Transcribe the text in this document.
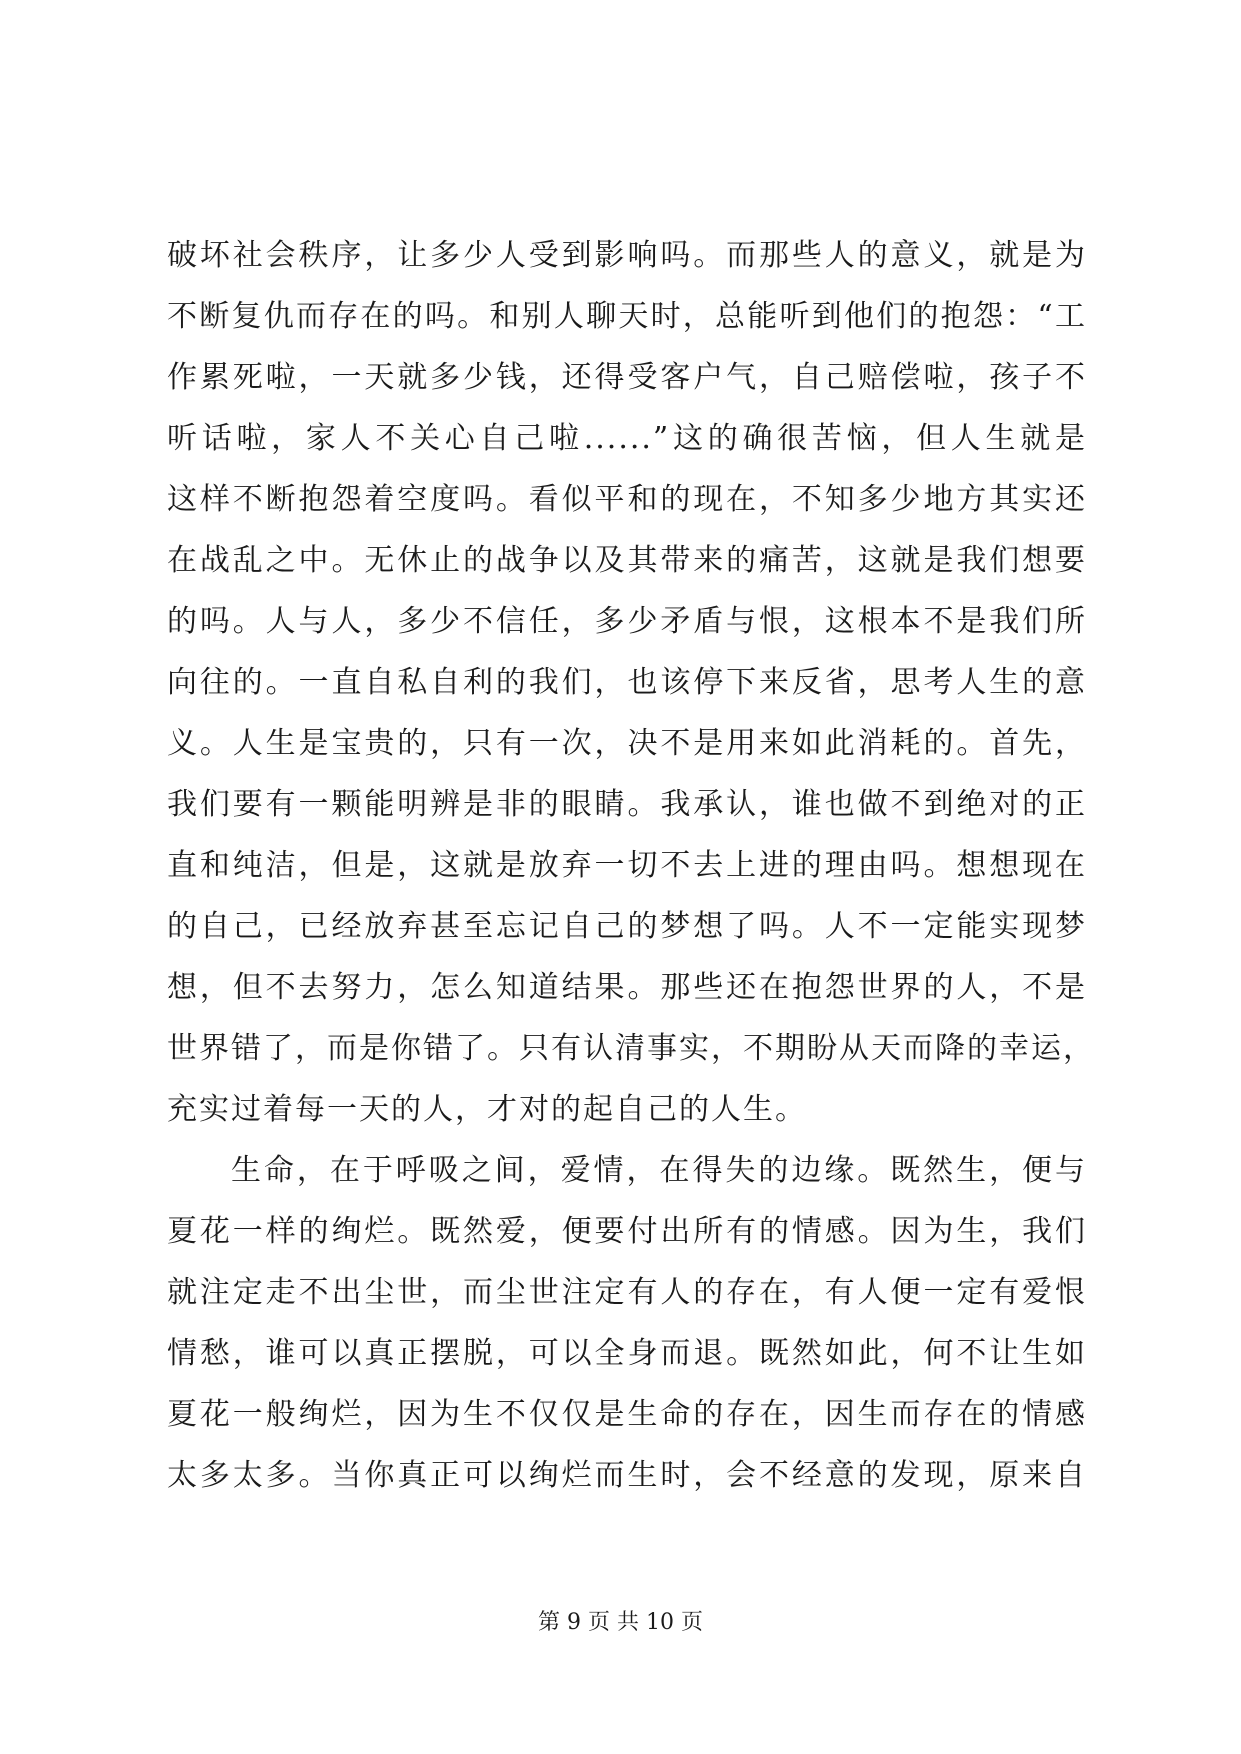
破坏社会秩序，让多少人受到影响吗。而那些人的意义，就是为
不断复仇而存在的吗。和别人聊天时，总能听到他们的抱怨：“工
作累死啦，一天就多少钱，还得受客户气，自己赔偿啦，孩子不
听话啦，家人不关心自己啦......”这的确很苦恼，但人生就是
这样不断抱怨着空度吗。看似平和的现在，不知多少地方其实还
在战乱之中。无休止的战争以及其带来的痛苦，这就是我们想要
的吗。人与人，多少不信任，多少矛盾与恨，这根本不是我们所
向往的。一直自私自利的我们，也该停下来反省，思考人生的意
义。人生是宝贵的，只有一次，决不是用来如此消耗的。首先，
我们要有一颗能明辨是非的眼睛。我承认，谁也做不到绝对的正
直和纯洁，但是，这就是放弃一切不去上进的理由吗。想想现在
的自己，已经放弃甚至忘记自己的梦想了吗。人不一定能实现梦
想，但不去努力，怎么知道结果。那些还在抱怨世界的人，不是
世界错了，而是你错了。只有认清事实，不期盼从天而降的幸运，
充实过着每一天的人，才对的起自己的人生。
生命，在于呼吸之间，爱情，在得失的边缘。既然生，便与
夏花一样的绚烂。既然爱，便要付出所有的情感。因为生，我们
就注定走不出尘世，而尘世注定有人的存在，有人便一定有爱恨
情愁，谁可以真正摆脱，可以全身而退。既然如此，何不让生如
夏花一般绚烂，因为生不仅仅是生命的存在，因生而存在的情感
太多太多。当你真正可以绚烂而生时，会不经意的发现，原来自
第 9 页 共 10 页
